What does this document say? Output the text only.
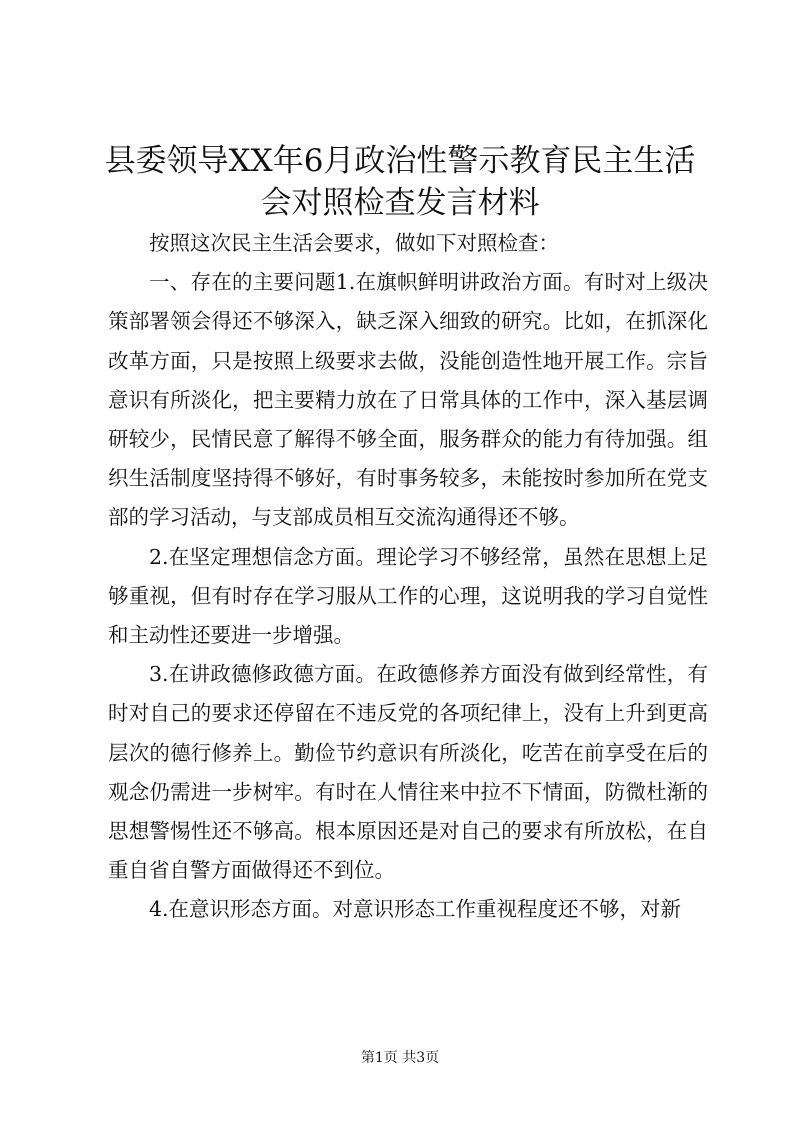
县委领导XX年6月政治性警示教育民主生活会对照检查发言材料

按照这次民主生活会要求，做如下对照检查：

一、存在的主要问题1.在旗帜鲜明讲政治方面。有时对上级决策部署领会得还不够深入，缺乏深入细致的研究。比如，在抓深化改革方面，只是按照上级要求去做，没能创造性地开展工作。宗旨意识有所淡化，把主要精力放在了日常具体的工作中，深入基层调研较少，民情民意了解得不够全面，服务群众的能力有待加强。组织生活制度坚持得不够好，有时事务较多，未能按时参加所在党支部的学习活动，与支部成员相互交流沟通得还不够。

2.在坚定理想信念方面。理论学习不够经常，虽然在思想上足够重视，但有时存在学习服从工作的心理，这说明我的学习自觉性和主动性还要进一步增强。

3.在讲政德修政德方面。在政德修养方面没有做到经常性，有时对自己的要求还停留在不违反党的各项纪律上，没有上升到更高层次的德行修养上。勤俭节约意识有所淡化，吃苦在前享受在后的观念仍需进一步树牢。有时在人情往来中拉不下情面，防微杜渐的思想警惕性还不够高。根本原因还是对自己的要求有所放松，在自重自省自警方面做得还不到位。

4.在意识形态方面。对意识形态工作重视程度还不够，对新

第1页 共3页
